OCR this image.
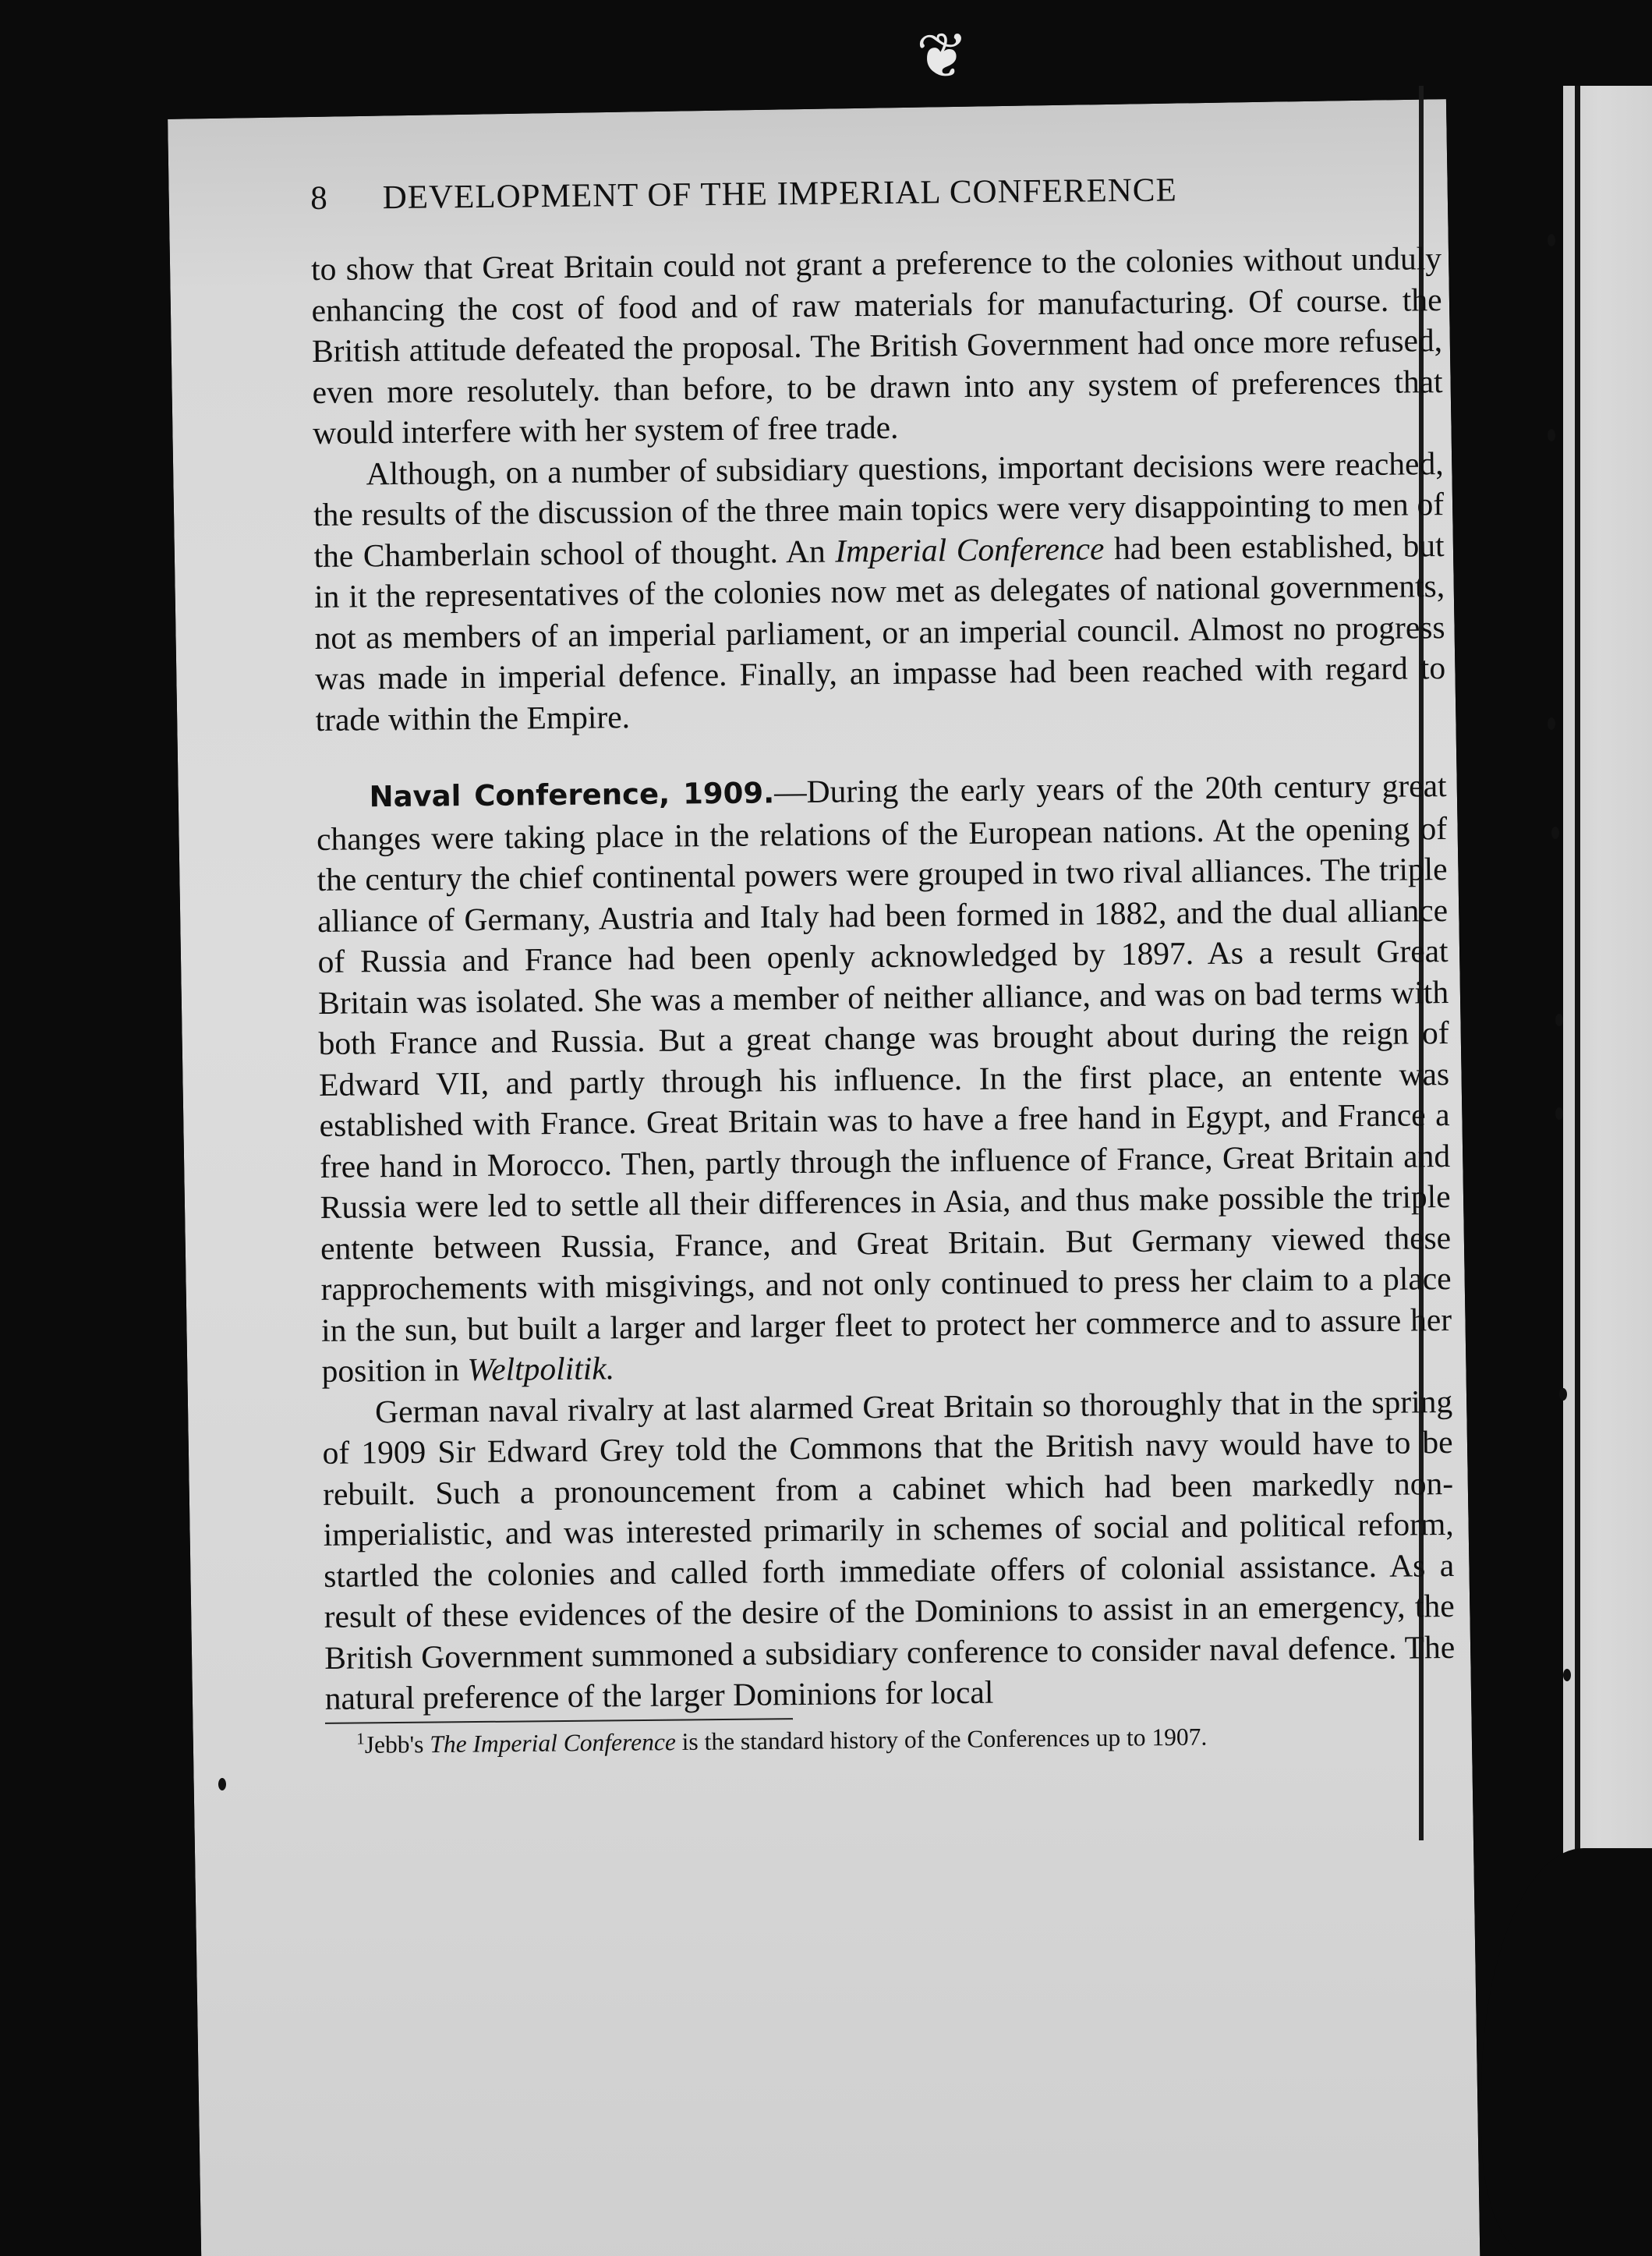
❦
8 DEVELOPMENT OF THE IMPERIAL CONFERENCE

to show that Great Britain could not grant a preference to the colonies without unduly enhancing the cost of food and of raw materials for manufacturing. Of course. the British attitude defeated the proposal. The British Government had once more refused, even more resolutely. than before, to be drawn into any system of preferences that would interfere with her system of free trade.

Although, on a number of subsidiary questions, important decisions were reached, the results of the discussion of the three main topics were very disappointing to men of the Chamberlain school of thought. An Imperial Conference had been established, but in it the representatives of the colonies now met as delegates of national governments, not as members of an imperial parliament, or an imperial council. Almost no progress was made in imperial defence. Finally, an impasse had been reached with regard to trade within the Empire.

Naval Conference, 1909.—During the early years of the 20th century great changes were taking place in the relations of the European nations. At the opening of the century the chief continental powers were grouped in two rival alliances. The triple alliance of Germany, Austria and Italy had been formed in 1882, and the dual alliance of Russia and France had been openly acknowledged by 1897. As a result Great Britain was isolated. She was a member of neither alliance, and was on bad terms with both France and Russia. But a great change was brought about during the reign of Edward VII, and partly through his influence. In the first place, an entente was established with France. Great Britain was to have a free hand in Egypt, and France a free hand in Morocco. Then, partly through the influence of France, Great Britain and Russia were led to settle all their differences in Asia, and thus make possible the triple entente between Russia, France, and Great Britain. But Germany viewed these rapprochements with misgivings, and not only continued to press her claim to a place in the sun, but built a larger and larger fleet to protect her commerce and to assure her position in Weltpolitik.

German naval rivalry at last alarmed Great Britain so thoroughly that in the spring of 1909 Sir Edward Grey told the Commons that the British navy would have to be rebuilt. Such a pronouncement from a cabinet which had been markedly non-imperialistic, and was interested primarily in schemes of social and political reform, startled the colonies and called forth immediate offers of colonial assistance. As a result of these evidences of the desire of the Dominions to assist in an emergency, the British Government summoned a subsidiary conference to consider naval defence. The natural preference of the larger Dominions for local

$^1$Jebb's The Imperial Conference is the standard history of the Conferences up to 1907.
